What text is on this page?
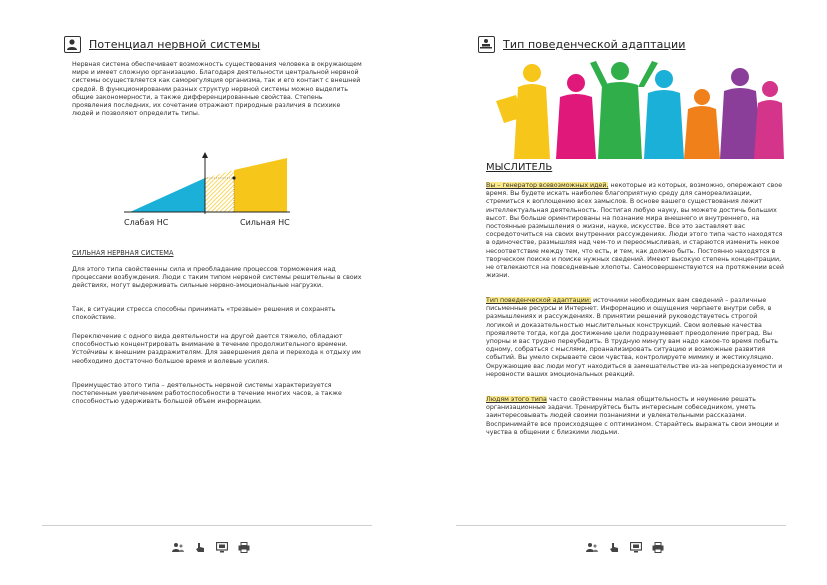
Потенциал нервной системы

Нервная система обеспечивает возможность существования человека в окружающем мире и имеет сложную организацию. Благодаря деятельности центральной нервной системы осуществляется как саморегуляция организма, так и его контакт с внешней средой. В функционировании разных структур нервной системы можно выделить общие закономерности, а также дифференцированные свойства. Степень проявления последних, их сочетание отражают природные различия в психике людей и позволяют определить типы.

Слабая НС	Сильная НС
СИЛЬНАЯ НЕРВНАЯ СИСТЕМА

Для этого типа свойственны сила и преобладание процессов торможения над процессами возбуждения. Люди с таким типом нервной системы решительны в своих действиях, могут выдерживать сильные нервно-эмоциональные нагрузки.

Так, в ситуации стресса способны принимать «трезвые» решения и сохранять спокойствие.

Переключение с одного вида деятельности на другой дается тяжело, обладают способностью концентрировать внимание в течение продолжительного времени. Устойчивы к внешним раздражителям. Для завершения дела и перехода к отдыху им необходимо достаточно большое время и волевые усилия.

Преимущество этого типа – деятельность нервной системы характеризуется постепенным увеличением работоспособности в течение многих часов, а также способностью удерживать большой объем информации.

Тип поведенческой адаптации
МЫСЛИТЕЛЬ

Вы – генератор всевозможных идей, некоторые из которых, возможно, опережают свое время. Вы будете искать наиболее благоприятную среду для самореализации, стремиться к воплощению всех замыслов. В основе вашего существования лежит интеллектуальная деятельность. Постигая любую науку, вы можете достичь больших высот. Вы больше ориентированы на познание мира внешнего и внутреннего, на постоянные размышления о жизни, науке, искусстве. Все это заставляет вас сосредоточиться на своих внутренних рассуждениях. Люди этого типа часто находятся в одиночестве, размышляя над чем-то и переосмысливая, и стараются изменить некое несоответствие между тем, что есть, и тем, как должно быть. Постоянно находятся в творческом поиске и поиске нужных сведений. Имеют высокую степень концентрации, не отвлекаются на повседневные хлопоты. Самосовершенствуются на протяжении всей жизни.

Тип поведенческой адаптации: источники необходимых вам сведений – различные письменные ресурсы и Интернет. Информацию и ощущения черпаете внутри себя, в размышлениях и рассуждениях. В принятии решений руководствуетесь строгой логикой и доказательностью мыслительных конструкций. Свои волевые качества проявляете тогда, когда достижение цели подразумевает преодоление преград. Вы упорны и вас трудно переубедить. В трудную минуту вам надо какое-то время побыть одному, собраться с мыслями, проанализировать ситуацию и возможные развития событий. Вы умело скрываете свои чувства, контролируете мимику и жестикуляцию. Окружающие вас люди могут находиться в замешательстве из-за непредсказуемости и неровности ваших эмоциональных реакций.

Людям этого типа часто свойственны малая общительность и неумение решать организационные задачи. Тренируйтесь быть интересным собеседником, уметь заинтересовывать людей своими познаниями и увлекательными рассказами. Воспринимайте все происходящее с оптимизмом. Старайтесь выражать свои эмоции и чувства в общении с близкими людьми.
